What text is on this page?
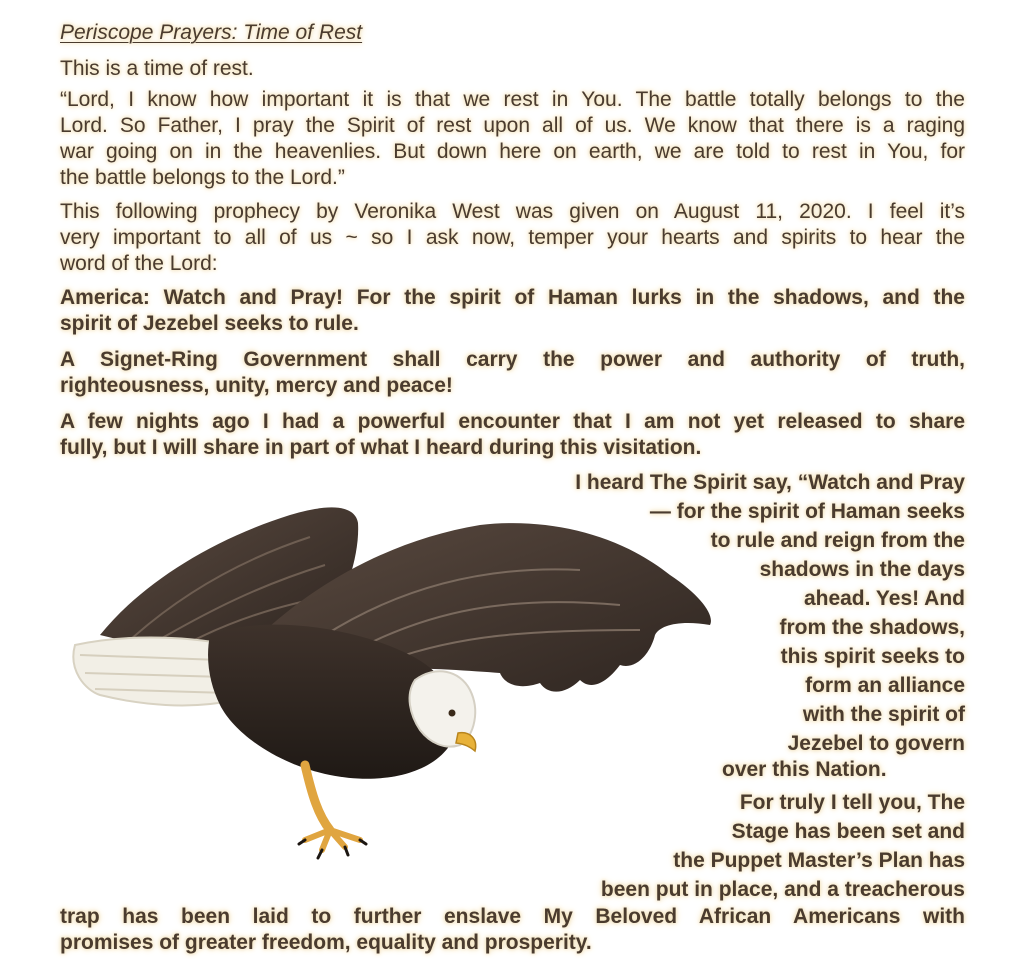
Periscope Prayers: Time of Rest
This is a time of rest.
“Lord, I know how important it is that we rest in You. The battle totally belongs to the
Lord. So Father, I pray the Spirit of rest upon all of us. We know that there is a raging
war going on in the heavenlies. But down here on earth, we are told to rest in You, for
the battle belongs to the Lord.”
This following prophecy by Veronika West was given on August 11, 2020. I feel it’s
very important to all of us ~ so I ask now, temper your hearts and spirits to hear the
word of the Lord:
America: Watch and Pray! For the spirit of Haman lurks in the shadows, and the
spirit of Jezebel seeks to rule.
A Signet-Ring Government shall carry the power and authority of truth,
righteousness, unity, mercy and peace!
A few nights ago I had a powerful encounter that I am not yet released to share
fully, but I will share in part of what I heard during this visitation.
I heard The Spirit say, “Watch and Pray
— for the spirit of Haman seeks
to rule and reign from the
shadows in the days
ahead. Yes! And
from the shadows,
this spirit seeks to
form an alliance
with the spirit of
Jezebel to govern
over this Nation.
For truly I tell you, The
Stage has been set and
the Puppet Master’s Plan has
been put in place, and a treacherous
trap has been laid to further enslave My Beloved African Americans with
promises of greater freedom, equality and prosperity.
